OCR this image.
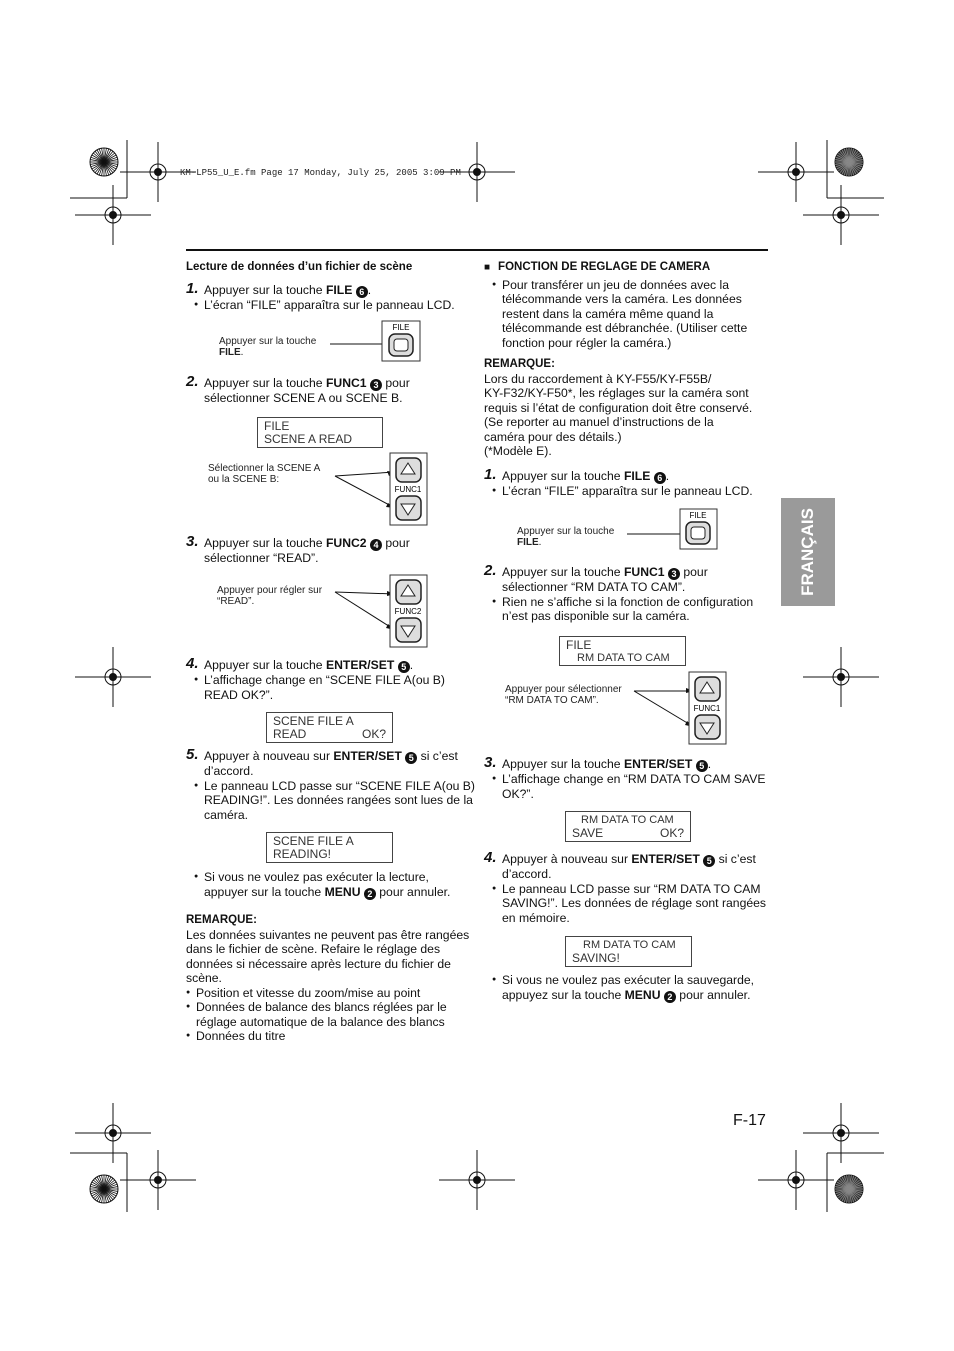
KM-LP55_U_E.fm Page 17 Monday, July 25, 2005 3:09 PM
Lecture de données d’un fichier de scène
1. Appuyer sur la touche FILE 6 .
● L’écran “FILE” apparaîtra sur le panneau LCD.
Appuyer sur la touche
FILE.
FILE
2. Appuyer sur la touche FUNC1 3 pour sélectionner SCENE A ou SCENE B.
FILE
SCENE A READ
Sélectionner la SCENE A
ou la SCENE B:
FUNC1
3. Appuyer sur la touche FUNC2 4 pour sélectionner “READ”.
Appuyer pour régler sur
“READ”.
FUNC2
4. Appuyer sur la touche ENTER/SET 5 .
● L’affichage change en “SCENE FILE A(ou B) READ OK?”.
SCENE FILE A
READ	OK?
5. Appuyer à nouveau sur ENTER/SET 5 si c’est d’accord.
● Le panneau LCD passe sur “SCENE FILE A(ou B) READING!”. Les données rangées sont lues de la caméra.
SCENE FILE A
READING!
● Si vous ne voulez pas exécuter la lecture, appuyer sur la touche MENU 2 pour annuler.
REMARQUE:
Les données suivantes ne peuvent pas être rangées dans le fichier de scène. Refaire le réglage des données si nécessaire après lecture du fichier de scène.
● Position et vitesse du zoom/mise au point
● Données de balance des blancs réglées par le réglage automatique de la balance des blancs
● Données du titre
■ FONCTION DE REGLAGE DE CAMERA
● Pour transférer un jeu de données avec la télécommande vers la caméra. Les données restent dans la caméra même quand la télécommande est débranchée. (Utiliser cette fonction pour régler la caméra.)
REMARQUE:
Lors du raccordement à KY-F55/KY-F55B/
KY-F32/KY-F50*, les réglages sur la caméra sont
requis si l’état de configuration doit être conservé.
(Se reporter au manuel d’instructions de la
caméra pour des détails.)
(*Modèle E).
1. Appuyer sur la touche FILE 6 .
● L’écran “FILE” apparaîtra sur le panneau LCD.
Appuyer sur la touche
FILE.
FILE
2. Appuyer sur la touche FUNC1 3 pour sélectionner “RM DATA TO CAM”.
● Rien ne s’affiche si la fonction de configuration n’est pas disponible sur la caméra.
FILE
RM DATA TO CAM
Appuyer pour sélectionner
“RM DATA TO CAM”.
FUNC1
3. Appuyer sur la touche ENTER/SET 5 .
● L’affichage change en “RM DATA TO CAM SAVE OK?”.
RM DATA TO CAM
SAVE	OK?
4. Appuyer à nouveau sur ENTER/SET 5 si c’est d’accord.
● Le panneau LCD passe sur “RM DATA TO CAM SAVING!”. Les données de réglage sont rangées en mémoire.
RM DATA TO CAM
SAVING!
● Si vous ne voulez pas exécuter la sauvegarde, appuyez sur la touche MENU 2 pour annuler.
FRANÇAIS
F-17
